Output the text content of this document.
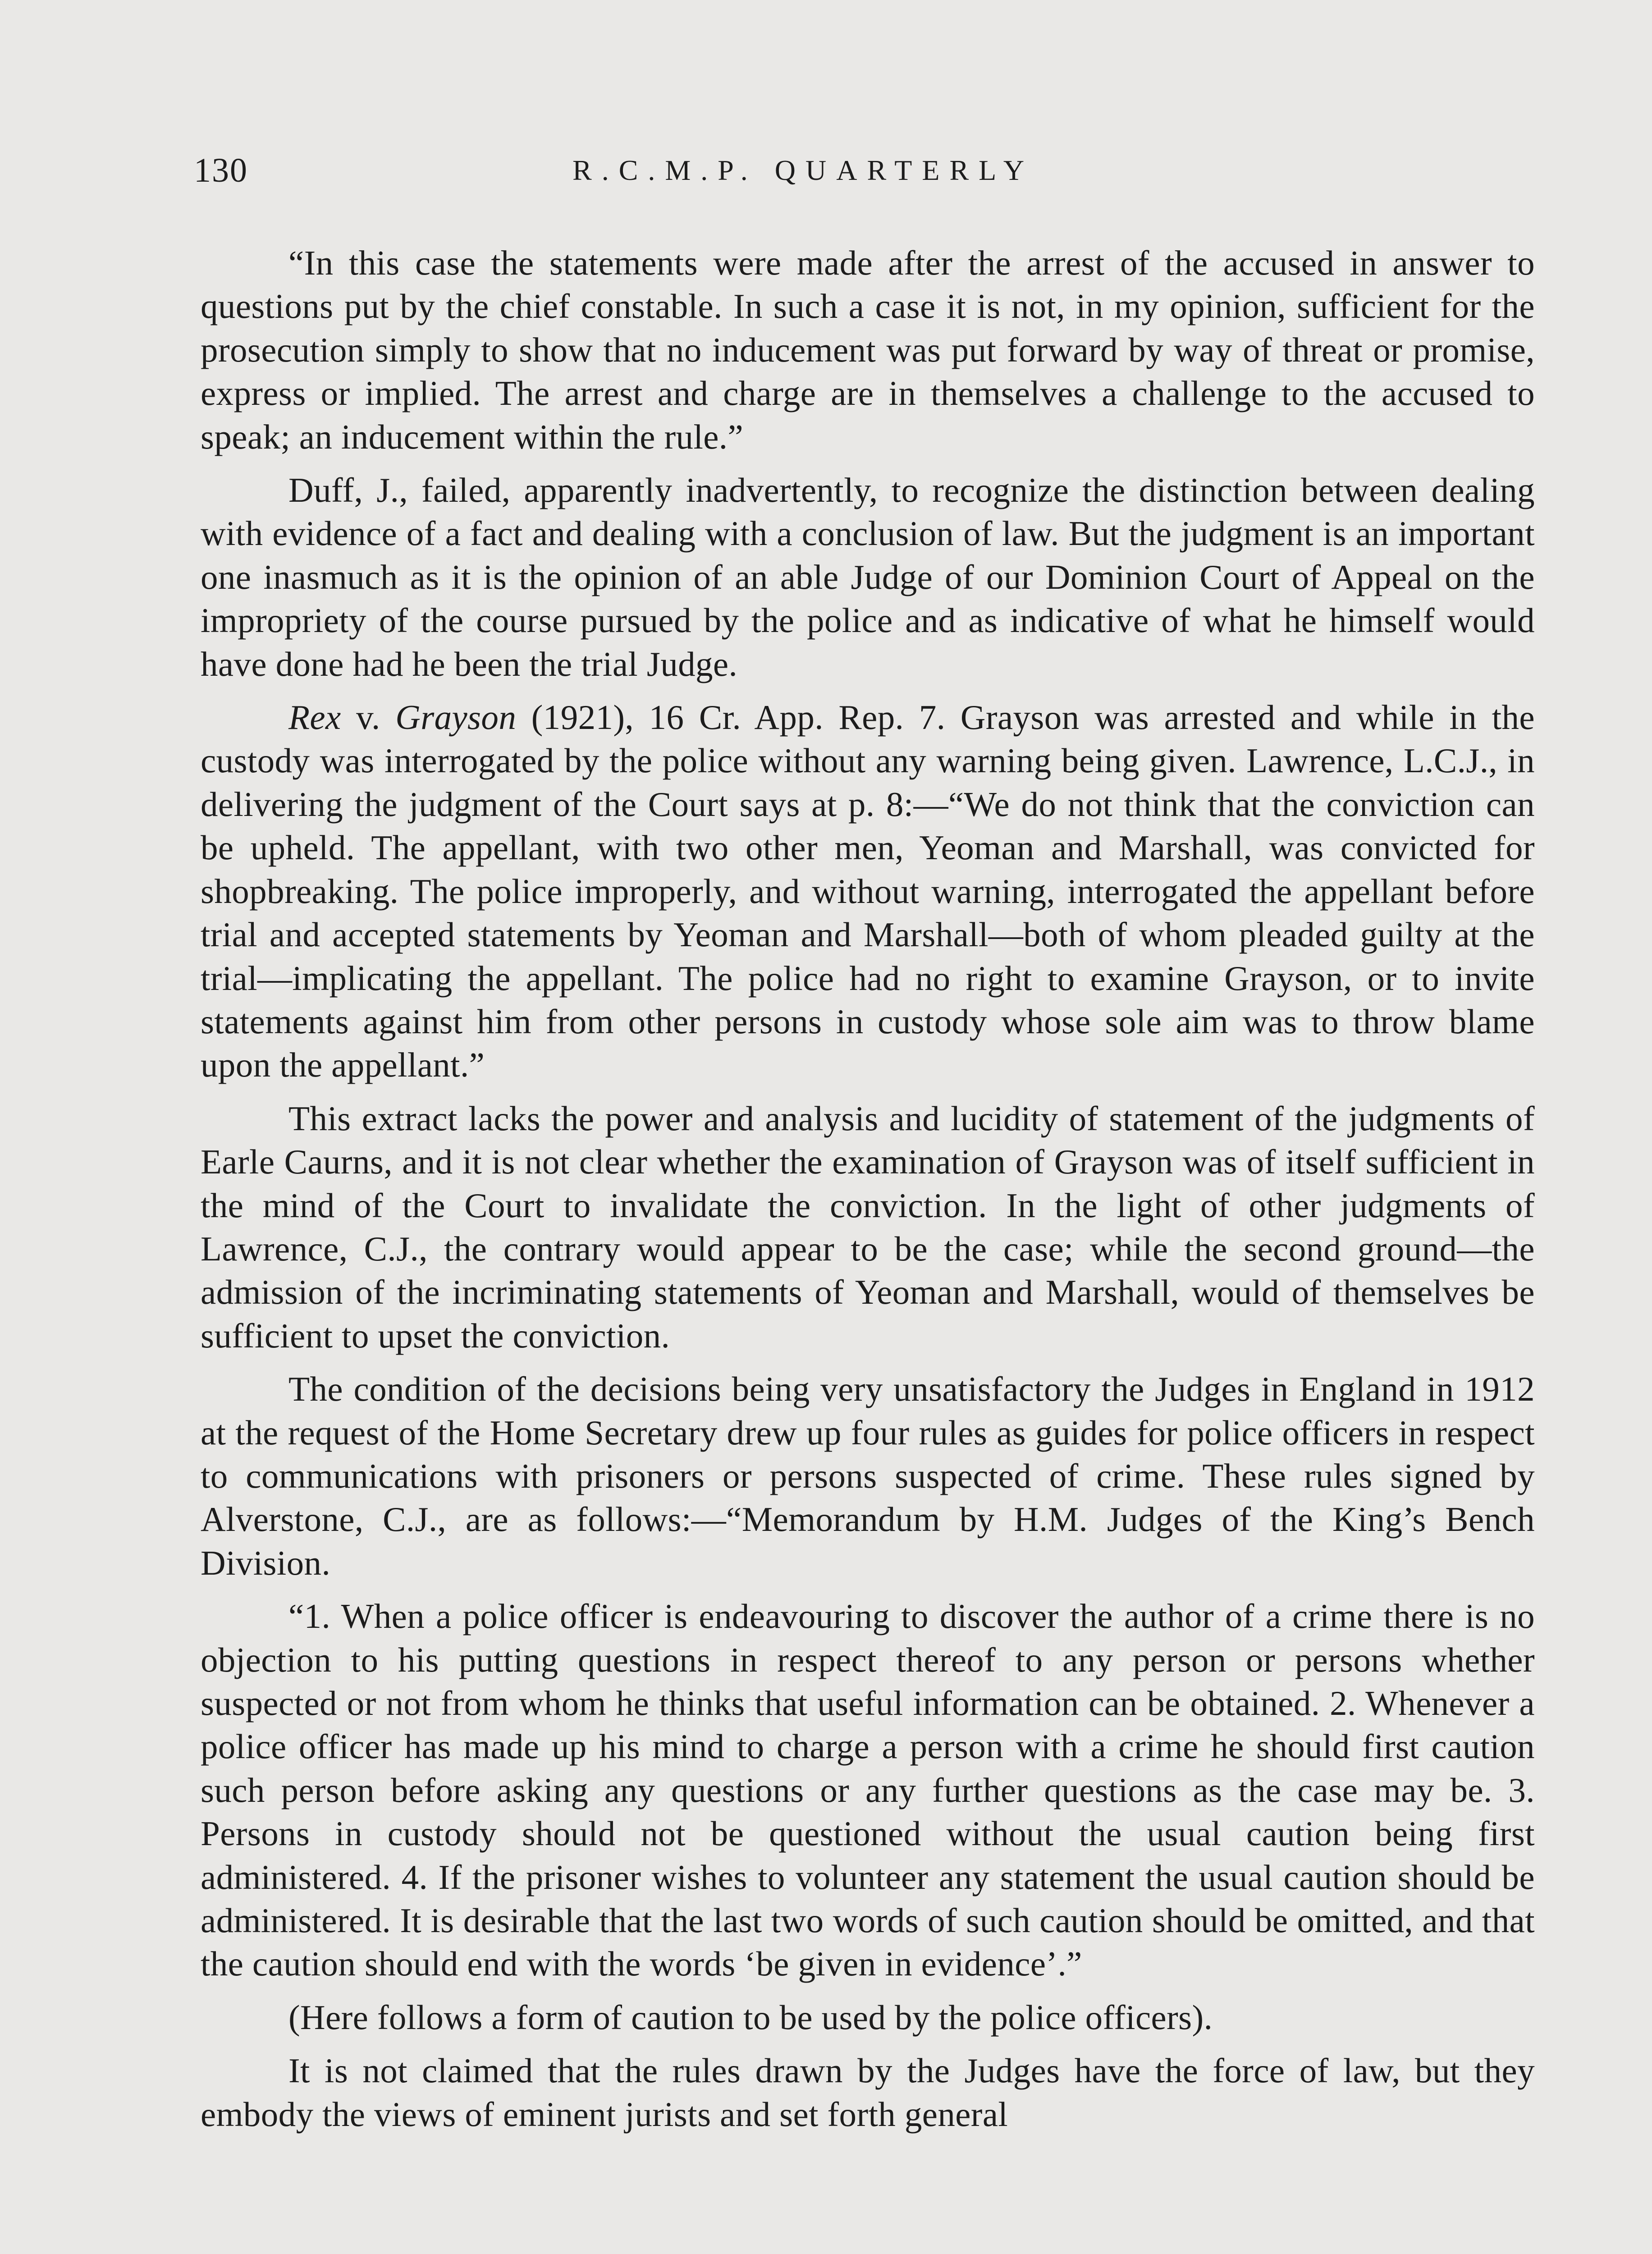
130	R.C.M.P. QUARTERLY

“In this case the statements were made after the arrest of the accused in answer to questions put by the chief constable. In such a case it is not, in my opinion, sufficient for the prosecution simply to show that no inducement was put forward by way of threat or promise, express or implied. The arrest and charge are in themselves a challenge to the accused to speak; an inducement within the rule.”

Duff, J., failed, apparently inadvertently, to recognize the distinction between dealing with evidence of a fact and dealing with a conclusion of law. But the judgment is an important one inasmuch as it is the opinion of an able Judge of our Dominion Court of Appeal on the impropriety of the course pursued by the police and as indicative of what he himself would have done had he been the trial Judge.

Rex v. Grayson (1921), 16 Cr. App. Rep. 7. Grayson was arrested and while in the custody was interrogated by the police without any warning being given. Lawrence, L.C.J., in delivering the judgment of the Court says at p. 8:—“We do not think that the conviction can be upheld. The appellant, with two other men, Yeoman and Marshall, was convicted for shopbreaking. The police improperly, and without warning, interrogated the appellant before trial and accepted statements by Yeoman and Marshall—both of whom pleaded guilty at the trial—implicating the appellant. The police had no right to examine Grayson, or to invite statements against him from other persons in custody whose sole aim was to throw blame upon the appellant.”

This extract lacks the power and analysis and lucidity of statement of the judgments of Earle Caurns, and it is not clear whether the examination of Grayson was of itself sufficient in the mind of the Court to invalidate the conviction. In the light of other judgments of Lawrence, C.J., the contrary would appear to be the case; while the second ground—the admission of the incriminating statements of Yeoman and Marshall, would of themselves be sufficient to upset the conviction.

The condition of the decisions being very unsatisfactory the Judges in England in 1912 at the request of the Home Secretary drew up four rules as guides for police officers in respect to communications with prisoners or persons suspected of crime. These rules signed by Alverstone, C.J., are as follows:—“Memorandum by H.M. Judges of the King’s Bench Division.

“1. When a police officer is endeavouring to discover the author of a crime there is no objection to his putting questions in respect thereof to any person or persons whether suspected or not from whom he thinks that useful information can be obtained. 2. Whenever a police officer has made up his mind to charge a person with a crime he should first caution such person before asking any questions or any further questions as the case may be. 3. Persons in custody should not be questioned without the usual caution being first administered. 4. If the prisoner wishes to volunteer any statement the usual caution should be administered. It is desirable that the last two words of such caution should be omitted, and that the caution should end with the words ‘be given in evidence’.”

(Here follows a form of caution to be used by the police officers).

It is not claimed that the rules drawn by the Judges have the force of law, but they embody the views of eminent jurists and set forth general
